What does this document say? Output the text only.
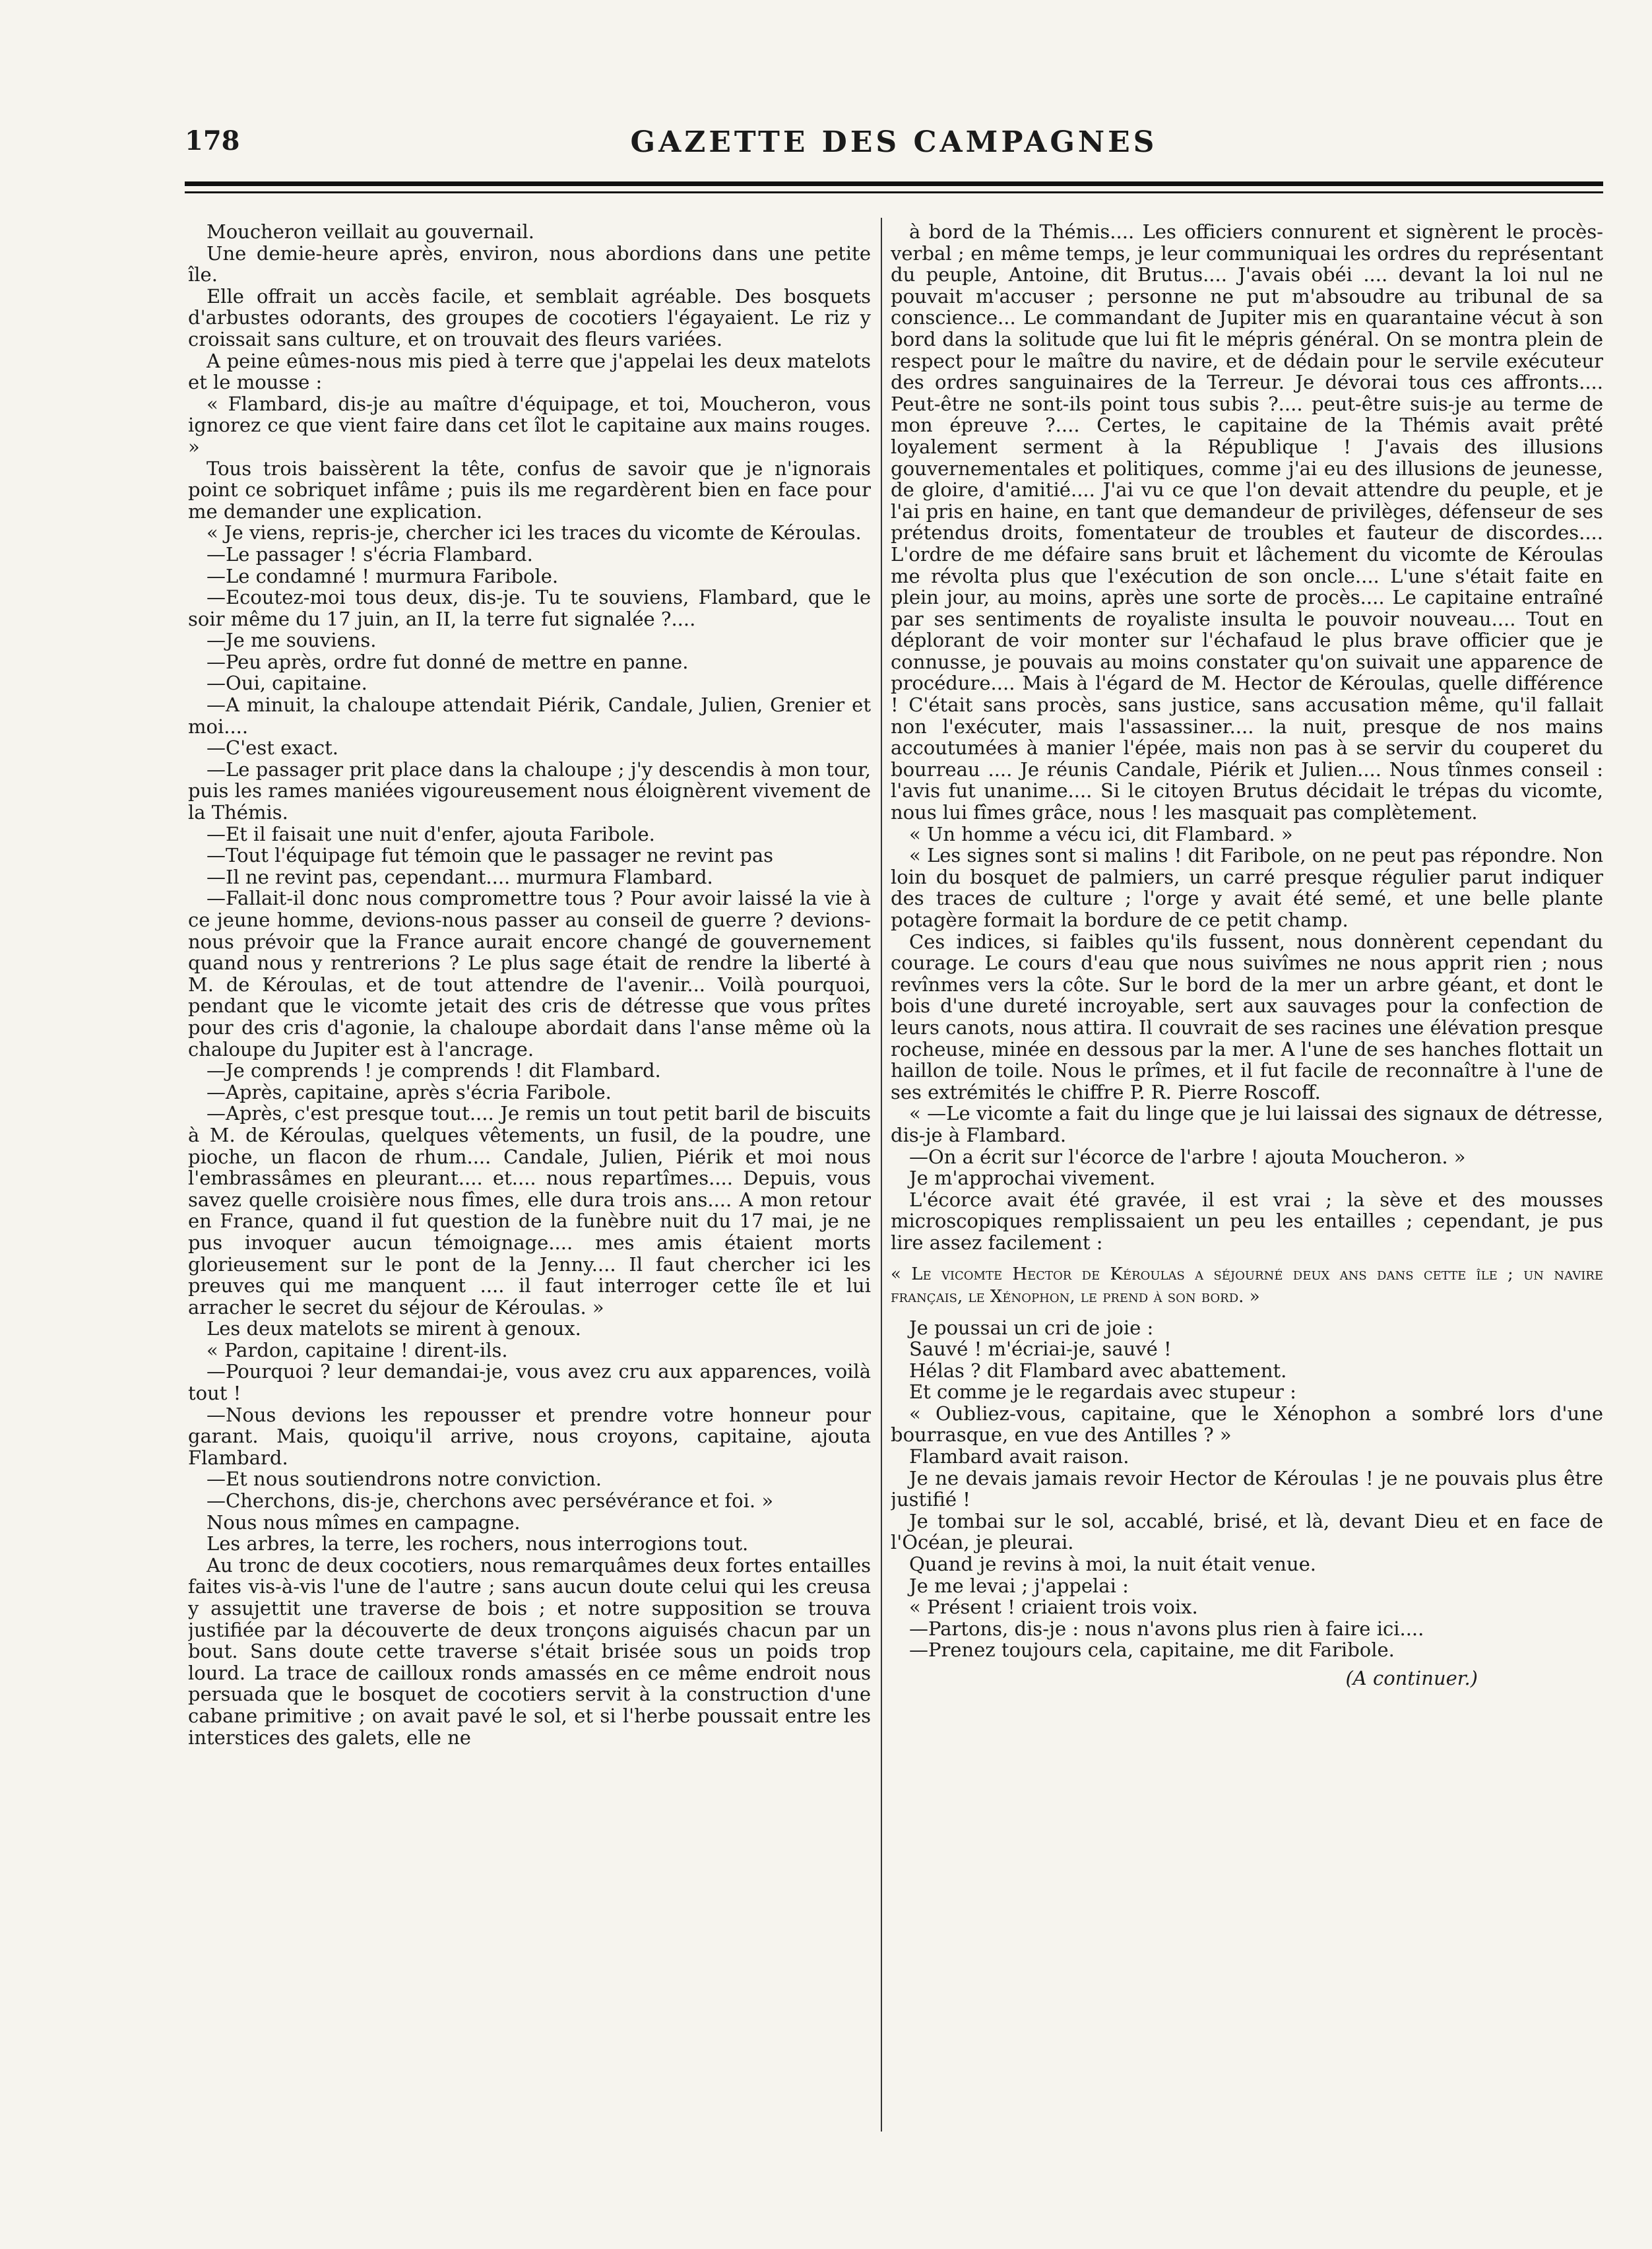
178	GAZETTE DES CAMPAGNES

Moucheron veillait au gouvernail.

Une demie-heure après, environ, nous abordions dans une petite île.

Elle offrait un accès facile, et semblait agréable. Des bosquets d'arbustes odorants, des groupes de cocotiers l'égayaient. Le riz y croissait sans culture, et on trouvait des fleurs variées.

A peine eûmes-nous mis pied à terre que j'appelai les deux matelots et le mousse :

« Flambard, dis-je au maître d'équipage, et toi, Moucheron, vous ignorez ce que vient faire dans cet îlot le capitaine aux mains rouges. »

Tous trois baissèrent la tête, confus de savoir que je n'ignorais point ce sobriquet infâme ; puis ils me regardèrent bien en face pour me demander une explication.

« Je viens, repris-je, chercher ici les traces du vicomte de Kéroulas.

—Le passager ! s'écria Flambard.

—Le condamné ! murmura Faribole.

—Ecoutez-moi tous deux, dis-je. Tu te souviens, Flambard, que le soir même du 17 juin, an II, la terre fut signalée ?....

—Je me souviens.

—Peu après, ordre fut donné de mettre en panne.

—Oui, capitaine.

—A minuit, la chaloupe attendait Piérik, Candale, Julien, Grenier et moi....

—C'est exact.

—Le passager prit place dans la chaloupe ; j'y descendis à mon tour, puis les rames maniées vigoureusement nous éloignèrent vivement de la Thémis.

—Et il faisait une nuit d'enfer, ajouta Faribole.

—Tout l'équipage fut témoin que le passager ne revint pas

—Il ne revint pas, cependant.... murmura Flambard.

—Fallait-il donc nous compromettre tous ? Pour avoir laissé la vie à ce jeune homme, devions-nous passer au conseil de guerre ? devions-nous prévoir que la France aurait encore changé de gouvernement quand nous y rentrerions ? Le plus sage était de rendre la liberté à M. de Kéroulas, et de tout attendre de l'avenir... Voilà pourquoi, pendant que le vicomte jetait des cris de détresse que vous prîtes pour des cris d'agonie, la chaloupe abordait dans l'anse même où la chaloupe du Jupiter est à l'ancrage.

—Je comprends ! je comprends ! dit Flambard.

—Après, capitaine, après s'écria Faribole.

—Après, c'est presque tout.... Je remis un tout petit baril de biscuits à M. de Kéroulas, quelques vêtements, un fusil, de la poudre, une pioche, un flacon de rhum.... Candale, Julien, Piérik et moi nous l'embrassâmes en pleurant.... et.... nous repartîmes.... Depuis, vous savez quelle croisière nous fîmes, elle dura trois ans.... A mon retour en France, quand il fut question de la funèbre nuit du 17 mai, je ne pus invoquer aucun témoignage.... mes amis étaient morts glorieusement sur le pont de la Jenny.... Il faut chercher ici les preuves qui me manquent .... il faut interroger cette île et lui arracher le secret du séjour de Kéroulas. »

Les deux matelots se mirent à genoux.

« Pardon, capitaine ! dirent-ils.

—Pourquoi ? leur demandai-je, vous avez cru aux apparences, voilà tout !

—Nous devions les repousser et prendre votre honneur pour garant. Mais, quoiqu'il arrive, nous croyons, capitaine, ajouta Flambard.

—Et nous soutiendrons notre conviction.

—Cherchons, dis-je, cherchons avec persévérance et foi. »

Nous nous mîmes en campagne.

Les arbres, la terre, les rochers, nous interrogions tout.

Au tronc de deux cocotiers, nous remarquâmes deux fortes entailles faites vis-à-vis l'une de l'autre ; sans aucun doute celui qui les creusa y assujettit une traverse de bois ; et notre supposition se trouva justifiée par la découverte de deux tronçons aiguisés chacun par un bout. Sans doute cette traverse s'était brisée sous un poids trop lourd. La trace de cailloux ronds amassés en ce même endroit nous persuada que le bosquet de cocotiers servit à la construction d'une cabane primitive ; on avait pavé le sol, et si l'herbe poussait entre les interstices des galets, elle ne

à bord de la Thémis.... Les officiers connurent et signèrent le procès-verbal ; en même temps, je leur communiquai les ordres du représentant du peuple, Antoine, dit Brutus.... J'avais obéi .... devant la loi nul ne pouvait m'accuser ; personne ne put m'absoudre au tribunal de sa conscience... Le commandant de Jupiter mis en quarantaine vécut à son bord dans la solitude que lui fit le mépris général. On se montra plein de respect pour le maître du navire, et de dédain pour le servile exécuteur des ordres sanguinaires de la Terreur. Je dévorai tous ces affronts.... Peut-être ne sont-ils point tous subis ?.... peut-être suis-je au terme de mon épreuve ?.... Certes, le capitaine de la Thémis avait prêté loyalement serment à la République ! J'avais des illusions gouvernementales et politiques, comme j'ai eu des illusions de jeunesse, de gloire, d'amitié.... J'ai vu ce que l'on devait attendre du peuple, et je l'ai pris en haine, en tant que demandeur de privilèges, défenseur de ses prétendus droits, fomentateur de troubles et fauteur de discordes.... L'ordre de me défaire sans bruit et lâchement du vicomte de Kéroulas me révolta plus que l'exécution de son oncle.... L'une s'était faite en plein jour, au moins, après une sorte de procès.... Le capitaine entraîné par ses sentiments de royaliste insulta le pouvoir nouveau.... Tout en déplorant de voir monter sur l'échafaud le plus brave officier que je connusse, je pouvais au moins constater qu'on suivait une apparence de procédure.... Mais à l'égard de M. Hector de Kéroulas, quelle différence ! C'était sans procès, sans justice, sans accusation même, qu'il fallait non l'exécuter, mais l'assassiner.... la nuit, presque de nos mains accoutumées à manier l'épée, mais non pas à se servir du couperet du bourreau .... Je réunis Candale, Piérik et Julien.... Nous tînmes conseil : l'avis fut unanime.... Si le citoyen Brutus décidait le trépas du vicomte, nous lui fîmes grâce, nous ! les masquait pas complètement.

« Un homme a vécu ici, dit Flambard. »

« Les signes sont si malins ! dit Faribole, on ne peut pas répondre. Non loin du bosquet de palmiers, un carré presque régulier parut indiquer des traces de culture ; l'orge y avait été semé, et une belle plante potagère formait la bordure de ce petit champ.

Ces indices, si faibles qu'ils fussent, nous donnèrent cependant du courage. Le cours d'eau que nous suivîmes ne nous apprit rien ; nous revînmes vers la côte. Sur le bord de la mer un arbre géant, et dont le bois d'une dureté incroyable, sert aux sauvages pour la confection de leurs canots, nous attira. Il couvrait de ses racines une élévation presque rocheuse, minée en dessous par la mer. A l'une de ses hanches flottait un haillon de toile. Nous le prîmes, et il fut facile de reconnaître à l'une de ses extrémités le chiffre P. R. Pierre Roscoff.

« —Le vicomte a fait du linge que je lui laissai des signaux de détresse, dis-je à Flambard.

—On a écrit sur l'écorce de l'arbre ! ajouta Moucheron. »

Je m'approchai vivement.

L'écorce avait été gravée, il est vrai ; la sève et des mousses microscopiques remplissaient un peu les entailles ; cependant, je pus lire assez facilement :

« Le vicomte Hector de Kéroulas a séjourné deux ans dans cette île ; un navire français, le Xénophon, le prend à son bord. »

Je poussai un cri de joie :

Sauvé ! m'écriai-je, sauvé !

Hélas ? dit Flambard avec abattement.

Et comme je le regardais avec stupeur :

« Oubliez-vous, capitaine, que le Xénophon a sombré lors d'une bourrasque, en vue des Antilles ? »

Flambard avait raison.

Je ne devais jamais revoir Hector de Kéroulas ! je ne pouvais plus être justifié !

Je tombai sur le sol, accablé, brisé, et là, devant Dieu et en face de l'Océan, je pleurai.

Quand je revins à moi, la nuit était venue.

Je me levai ; j'appelai :

« Présent ! criaient trois voix.

—Partons, dis-je : nous n'avons plus rien à faire ici....

—Prenez toujours cela, capitaine, me dit Faribole.

(A continuer.)
